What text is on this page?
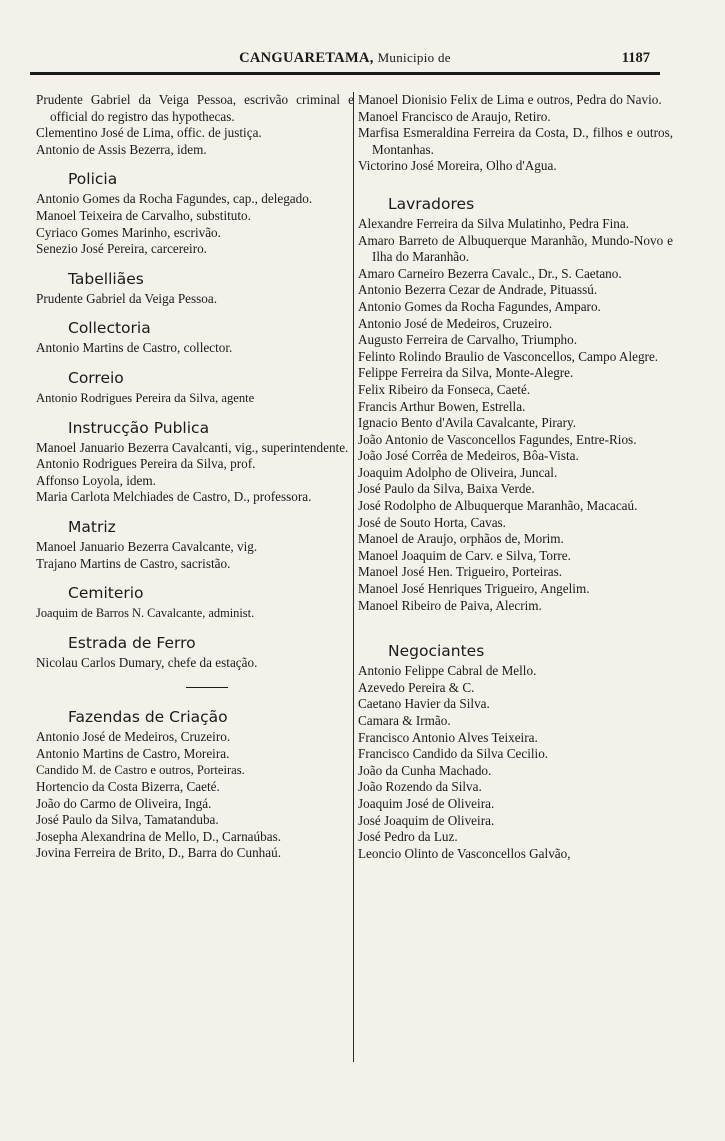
CANGUARETAMA, Municipio de	1187

Prudente Gabriel da Veiga Pessoa, escrivão criminal e official do registro das hypothecas.

Clementino José de Lima, offic. de justiça.

Antonio de Assis Bezerra, idem.

Policia

Antonio Gomes da Rocha Fagundes, cap., delegado.

Manoel Teixeira de Carvalho, substituto.

Cyriaco Gomes Marinho, escrivão.

Senezio José Pereira, carcereiro.

Tabelliães

Prudente Gabriel da Veiga Pessoa.

Collectoria

Antonio Martins de Castro, collector.

Correio

Antonio Rodrigues Pereira da Silva, agente

Instrucção Publica

Manoel Januario Bezerra Cavalcanti, vig., superintendente.

Antonio Rodrigues Pereira da Silva, prof.

Affonso Loyola, idem.

Maria Carlota Melchiades de Castro, D., professora.

Matriz

Manoel Januario Bezerra Cavalcante, vig.

Trajano Martins de Castro, sacristão.

Cemiterio

Joaquim de Barros N. Cavalcante, administ.

Estrada de Ferro

Nicolau Carlos Dumary, chefe da estação.

Fazendas de Criação

Antonio José de Medeiros, Cruzeiro.

Antonio Martins de Castro, Moreira.

Candido M. de Castro e outros, Porteiras.

Hortencio da Costa Bizerra, Caeté.

João do Carmo de Oliveira, Ingá.

José Paulo da Silva, Tamatanduba.

Josepha Alexandrina de Mello, D., Carnaúbas.

Jovina Ferreira de Brito, D., Barra do Cunhaú.

Manoel Dionisio Felix de Lima e outros, Pedra do Navio.

Manoel Francisco de Araujo, Retiro.

Marfisa Esmeraldina Ferreira da Costa, D., filhos e outros, Montanhas.

Victorino José Moreira, Olho d'Agua.

Lavradores

Alexandre Ferreira da Silva Mulatinho, Pedra Fina.

Amaro Barreto de Albuquerque Maranhão, Mundo-Novo e Ilha do Maranhão.

Amaro Carneiro Bezerra Cavalc., Dr., S. Caetano.

Antonio Bezerra Cezar de Andrade, Pituassú.

Antonio Gomes da Rocha Fagundes, Amparo.

Antonio José de Medeiros, Cruzeiro.

Augusto Ferreira de Carvalho, Triumpho.

Felinto Rolindo Braulio de Vasconcellos, Campo Alegre.

Felippe Ferreira da Silva, Monte-Alegre.

Felix Ribeiro da Fonseca, Caeté.

Francis Arthur Bowen, Estrella.

Ignacio Bento d'Avila Cavalcante, Pirary.

João Antonio de Vasconcellos Fagundes, Entre-Rios.

João José Corrêa de Medeiros, Bôa-Vista.

Joaquim Adolpho de Oliveira, Juncal.

José Paulo da Silva, Baixa Verde.

José Rodolpho de Albuquerque Maranhão, Macacaú.

José de Souto Horta, Cavas.

Manoel de Araujo, orphãos de, Morim.

Manoel Joaquim de Carv. e Silva, Torre.

Manoel José Hen. Trigueiro, Porteiras.

Manoel José Henriques Trigueiro, Angelim.

Manoel Ribeiro de Paiva, Alecrim.

Negociantes

Antonio Felippe Cabral de Mello.

Azevedo Pereira & C.

Caetano Havier da Silva.

Camara & Irmão.

Francisco Antonio Alves Teixeira.

Francisco Candido da Silva Cecilio.

João da Cunha Machado.

João Rozendo da Silva.

Joaquim José de Oliveira.

José Joaquim de Oliveira.

José Pedro da Luz.

Leoncio Olinto de Vasconcellos Galvão,
